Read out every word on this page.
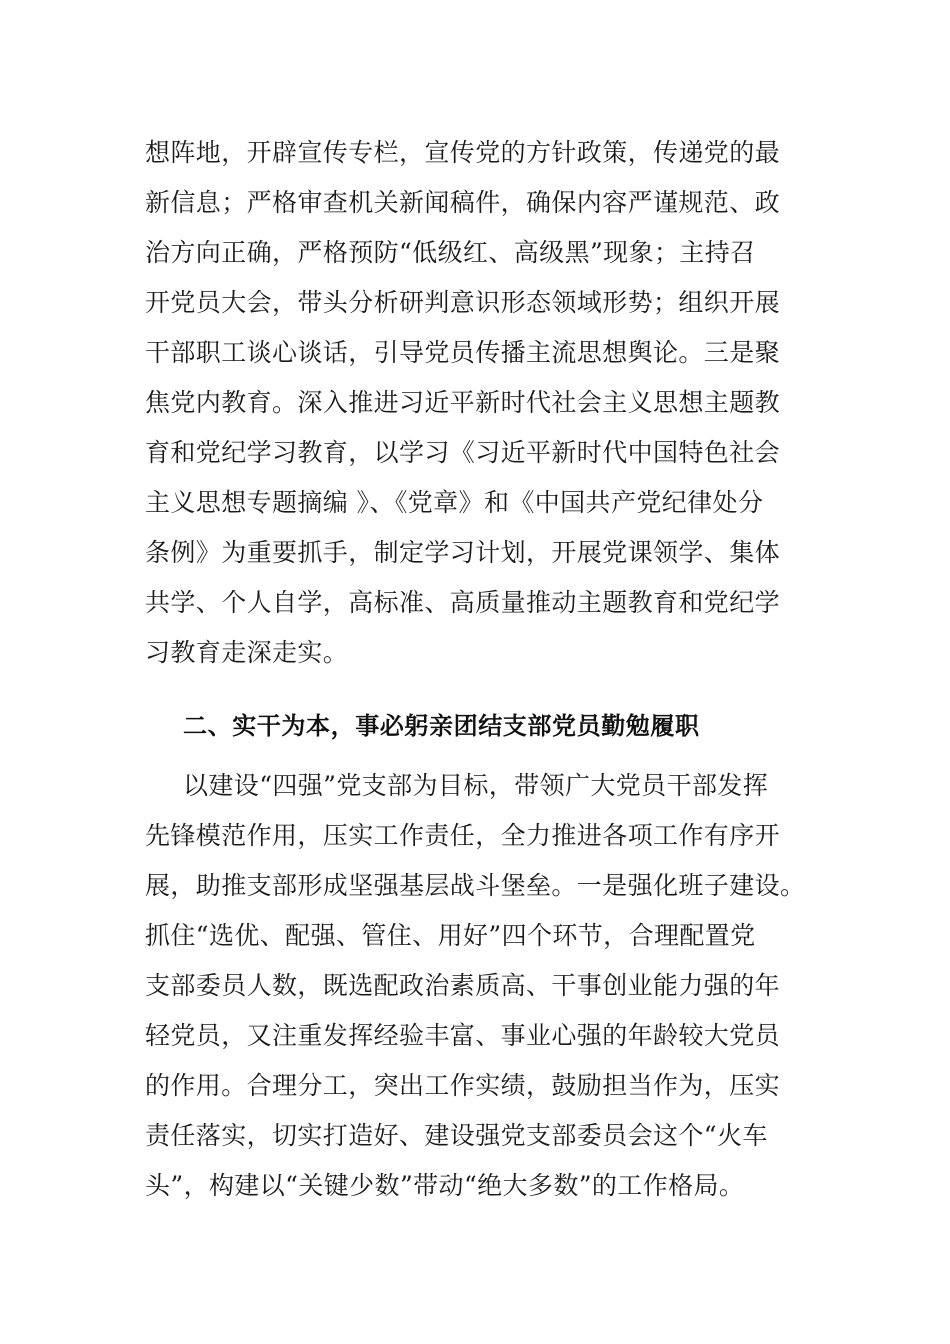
想阵地，开辟宣传专栏，宣传党的方针政策，传递党的最
新信息；严格审查机关新闻稿件，确保内容严谨规范、政
治方向正确，严格预防“低级红、高级黑”现象；主持召
开党员大会，带头分析研判意识形态领域形势；组织开展
干部职工谈心谈话，引导党员传播主流思想舆论。三是聚
焦党内教育。深入推进习近平新时代社会主义思想主题教
育和党纪学习教育，以学习《习近平新时代中国特色社会
主义思想专题摘编 》、《党章》和《中国共产党纪律处分
条例》为重要抓手，制定学习计划，开展党课领学、集体
共学、个人自学，高标准、高质量推动主题教育和党纪学
习教育走深走实。
二、实干为本，事必躬亲团结支部党员勤勉履职
以建设“四强”党支部为目标，带领广大党员干部发挥
先锋模范作用，压实工作责任，全力推进各项工作有序开
展，助推支部形成坚强基层战斗堡垒。一是强化班子建设。
抓住“选优、配强、管住、用好”四个环节，合理配置党
支部委员人数，既选配政治素质高、干事创业能力强的年
轻党员，又注重发挥经验丰富、事业心强的年龄较大党员
的作用。合理分工，突出工作实绩，鼓励担当作为，压实
责任落实，切实打造好、建设强党支部委员会这个“火车
头”，构建以“关键少数”带动“绝大多数”的工作格局。
